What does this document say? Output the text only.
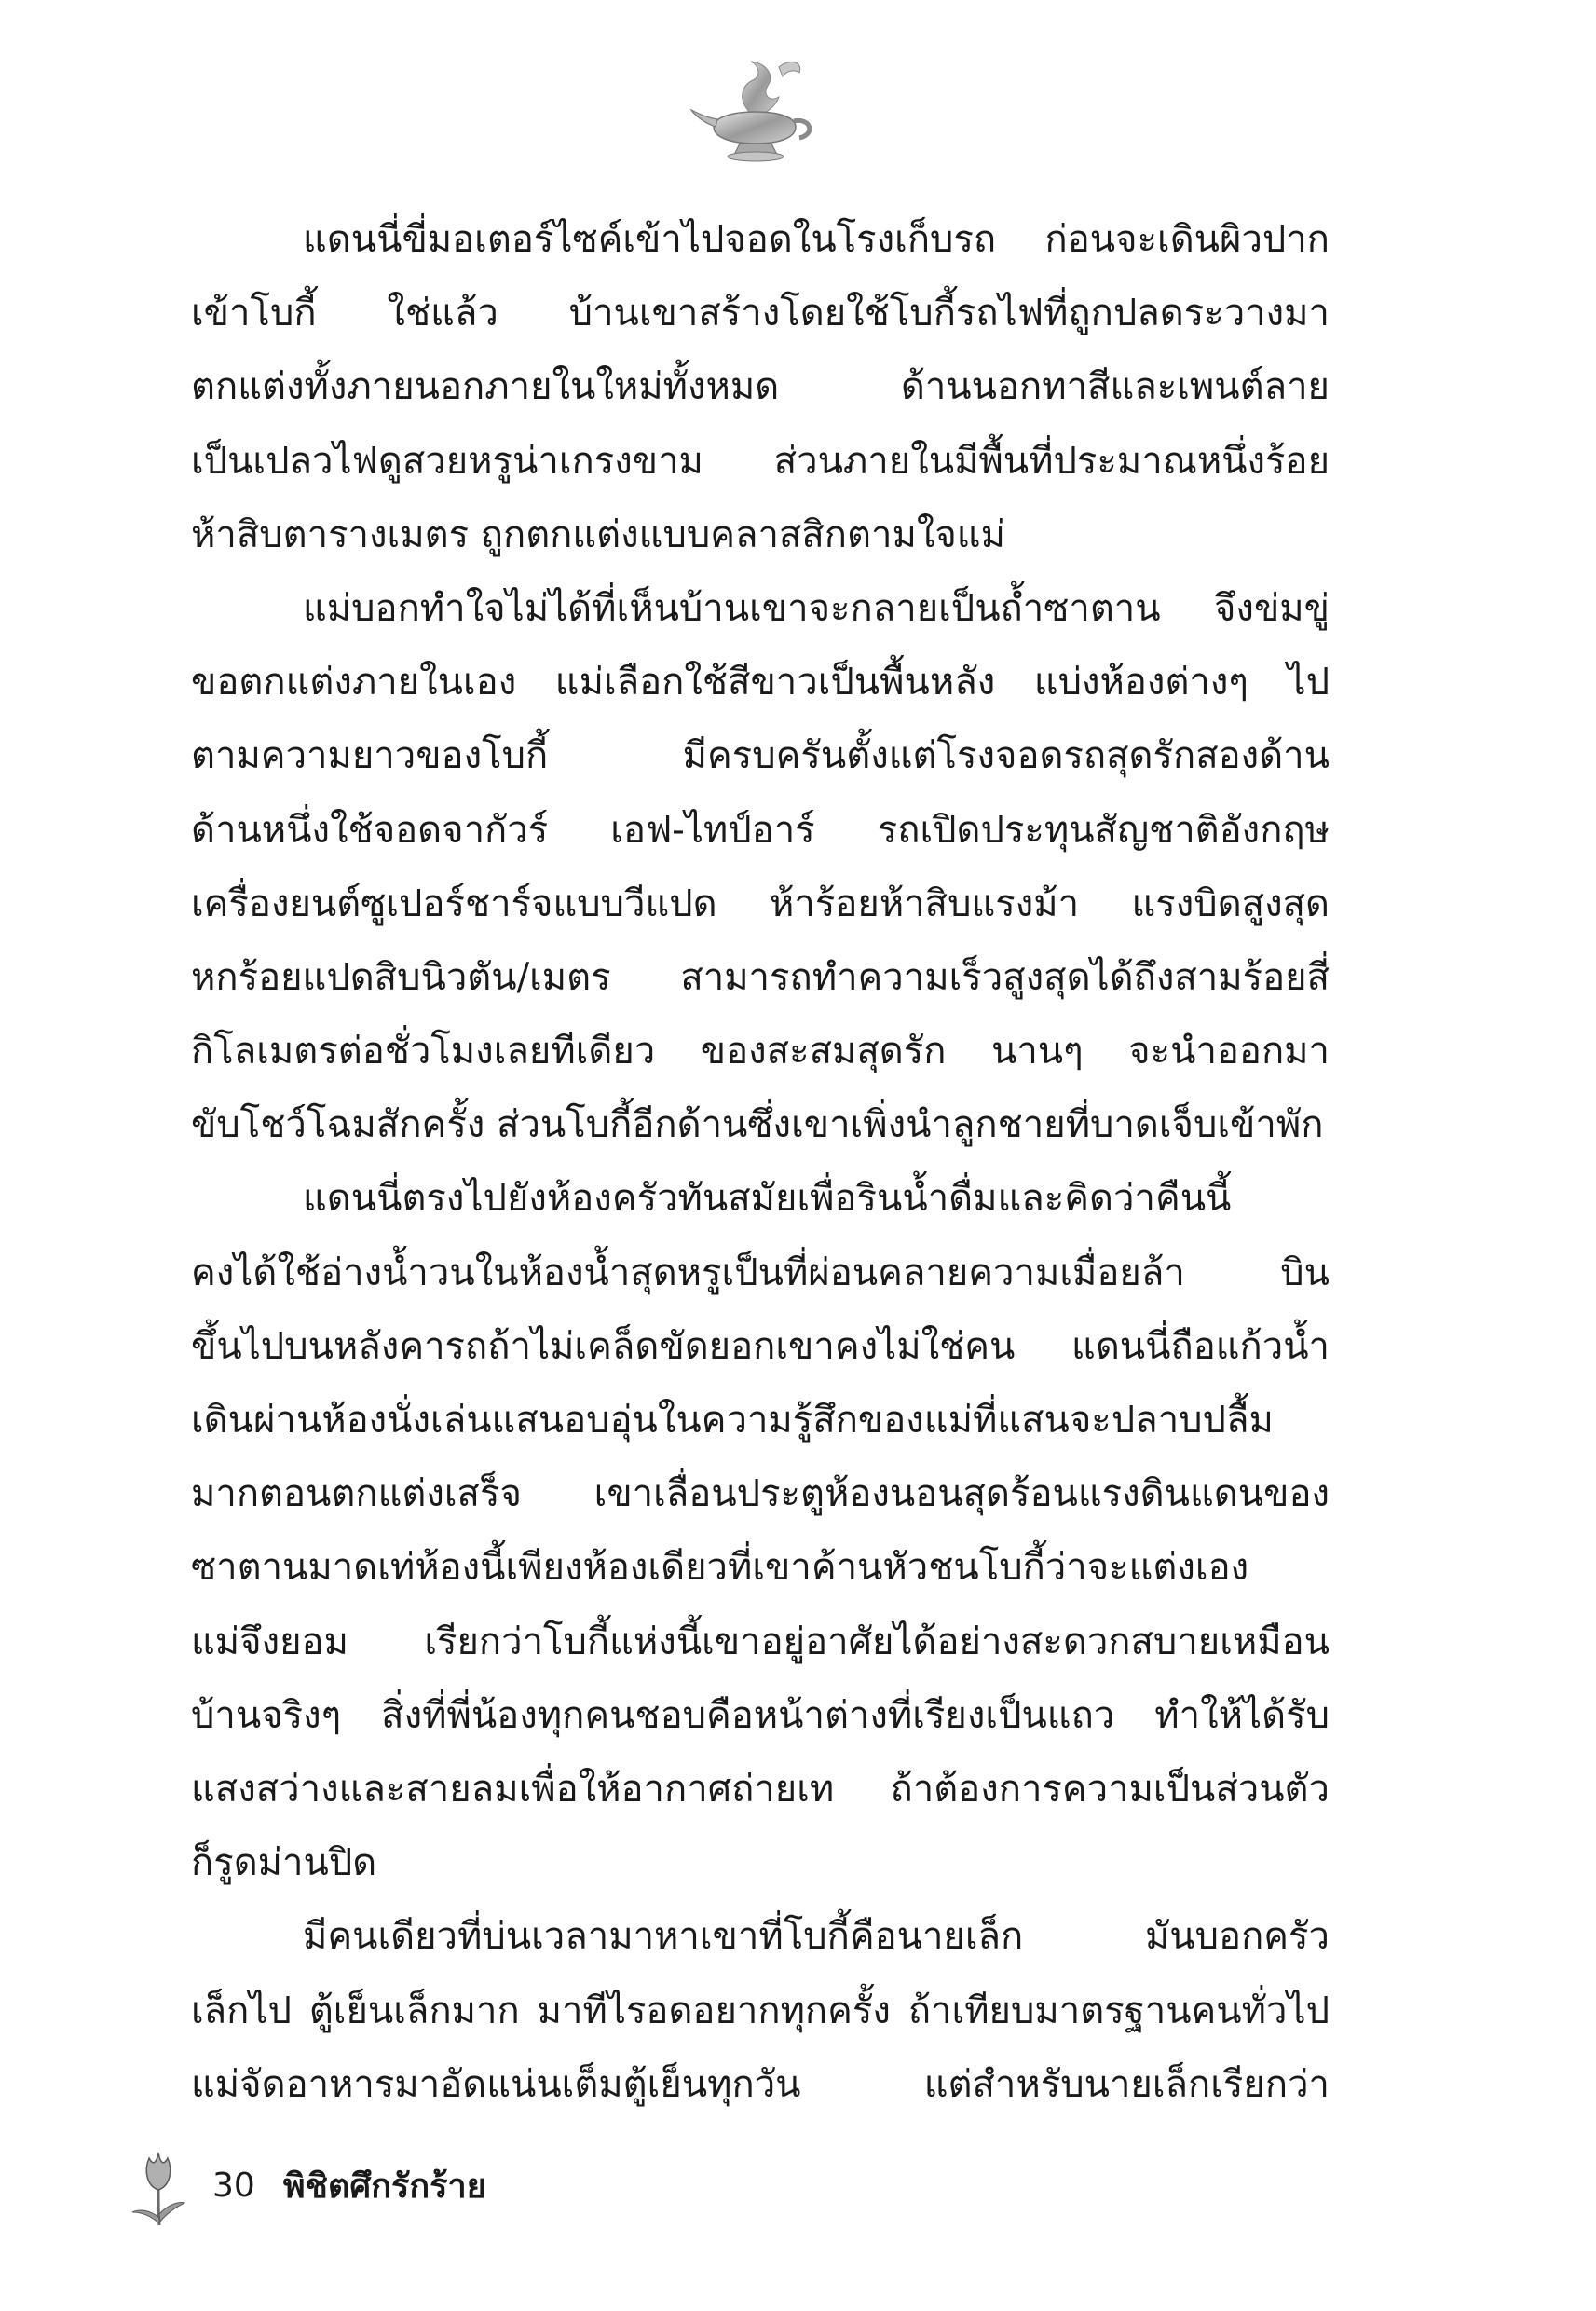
แดนนี่ขี่มอเตอร์ไซค์เข้าไปจอดในโรงเก็บรถ ก่อนจะเดินผิวปาก
เข้าโบกี้ ใช่แล้ว บ้านเขาสร้างโดยใช้โบกี้รถไฟที่ถูกปลดระวางมา
ตกแต่งทั้งภายนอกภายในใหม่ทั้งหมด ด้านนอกทาสีและเพนต์ลาย
เป็นเปลวไฟดูสวยหรูน่าเกรงขาม ส่วนภายในมีพื้นที่ประมาณหนึ่งร้อย
ห้าสิบตารางเมตร ถูกตกแต่งแบบคลาสสิกตามใจแม่
แม่บอกทำใจไม่ได้ที่เห็นบ้านเขาจะกลายเป็นถ้ำซาตาน จึงข่มขู่
ขอตกแต่งภายในเอง แม่เลือกใช้สีขาวเป็นพื้นหลัง แบ่งห้องต่างๆ ไป
ตามความยาวของโบกี้ มีครบครันตั้งแต่โรงจอดรถสุดรักสองด้าน
ด้านหนึ่งใช้จอดจากัวร์ เอฟ-ไทป์อาร์ รถเปิดประทุนสัญชาติอังกฤษ
เครื่องยนต์ซูเปอร์ชาร์จแบบวีแปด ห้าร้อยห้าสิบแรงม้า แรงบิดสูงสุด
หกร้อยแปดสิบนิวตัน/เมตร สามารถทำความเร็วสูงสุดได้ถึงสามร้อยสี่
กิโลเมตรต่อชั่วโมงเลยทีเดียว ของสะสมสุดรัก นานๆ จะนำออกมา
ขับโชว์โฉมสักครั้ง ส่วนโบกี้อีกด้านซึ่งเขาเพิ่งนำลูกชายที่บาดเจ็บเข้าพัก
แดนนี่ตรงไปยังห้องครัวทันสมัยเพื่อรินน้ำดื่มและคิดว่าคืนนี้
คงได้ใช้อ่างน้ำวนในห้องน้ำสุดหรูเป็นที่ผ่อนคลายความเมื่อยล้า บิน
ขึ้นไปบนหลังคารถถ้าไม่เคล็ดขัดยอกเขาคงไม่ใช่คน แดนนี่ถือแก้วน้ำ
เดินผ่านห้องนั่งเล่นแสนอบอุ่นในความรู้สึกของแม่ที่แสนจะปลาบปลื้ม
มากตอนตกแต่งเสร็จ เขาเลื่อนประตูห้องนอนสุดร้อนแรงดินแดนของ
ซาตานมาดเท่ห้องนี้เพียงห้องเดียวที่เขาค้านหัวชนโบกี้ว่าจะแต่งเอง
แม่จึงยอม เรียกว่าโบกี้แห่งนี้เขาอยู่อาศัยได้อย่างสะดวกสบายเหมือน
บ้านจริงๆ สิ่งที่พี่น้องทุกคนชอบคือหน้าต่างที่เรียงเป็นแถว ทำให้ได้รับ
แสงสว่างและสายลมเพื่อให้อากาศถ่ายเท ถ้าต้องการความเป็นส่วนตัว
ก็รูดม่านปิด
มีคนเดียวที่บ่นเวลามาหาเขาที่โบกี้คือนายเล็ก มันบอกครัว
เล็กไป ตู้เย็นเล็กมาก มาทีไรอดอยากทุกครั้ง ถ้าเทียบมาตรฐานคนทั่วไป
แม่จัดอาหารมาอัดแน่นเต็มตู้เย็นทุกวัน แต่สำหรับนายเล็กเรียกว่า
30 พิชิตศึกรักร้าย
